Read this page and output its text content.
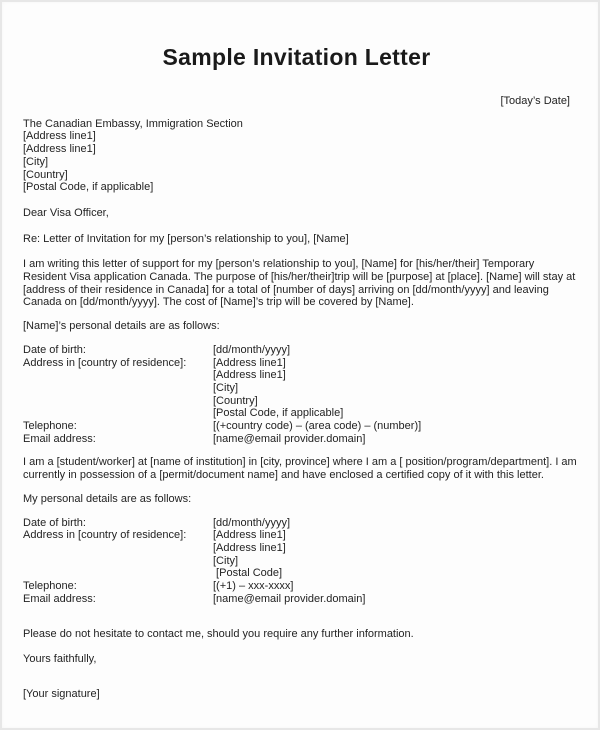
Sample Invitation Letter
[Today’s Date]
The Canadian Embassy, Immigration Section
[Address line1]
[Address line1]
[City]
[Country]
[Postal Code, if applicable]
Dear Visa Officer,
Re: Letter of Invitation for my [person’s relationship to you], [Name]
I am writing this letter of support for my [person’s relationship to you], [Name] for [his/her/their] Temporary
Resident Visa application Canada. The purpose of [his/her/their]trip will be [purpose] at [place]. [Name] will stay at
[address of their residence in Canada] for a total of [number of days] arriving on [dd/month/yyyy] and leaving
Canada on [dd/month/yyyy]. The cost of [Name]’s trip will be covered by [Name].
[Name]’s personal details are as follows:
Date of birth:	[dd/month/yyyy]
Address in [country of residence]:	[Address line1]
[Address line1]
[City]
[Country]
[Postal Code, if applicable]
Telephone:	[(+country code) – (area code) – (number)]
Email address:	[name@email provider.domain]
I am a [student/worker] at [name of institution] in [city, province] where I am a [ position/program/department]. I am
currently in possession of a [permit/document name] and have enclosed a certified copy of it with this letter.
My personal details are as follows:
Date of birth:	[dd/month/yyyy]
Address in [country of residence]:	[Address line1]
[Address line1]
[City]
[Postal Code]
Telephone:	[(+1) – xxx-xxxx]
Email address:	[name@email provider.domain]
Please do not hesitate to contact me, should you require any further information.
Yours faithfully,
[Your signature]
